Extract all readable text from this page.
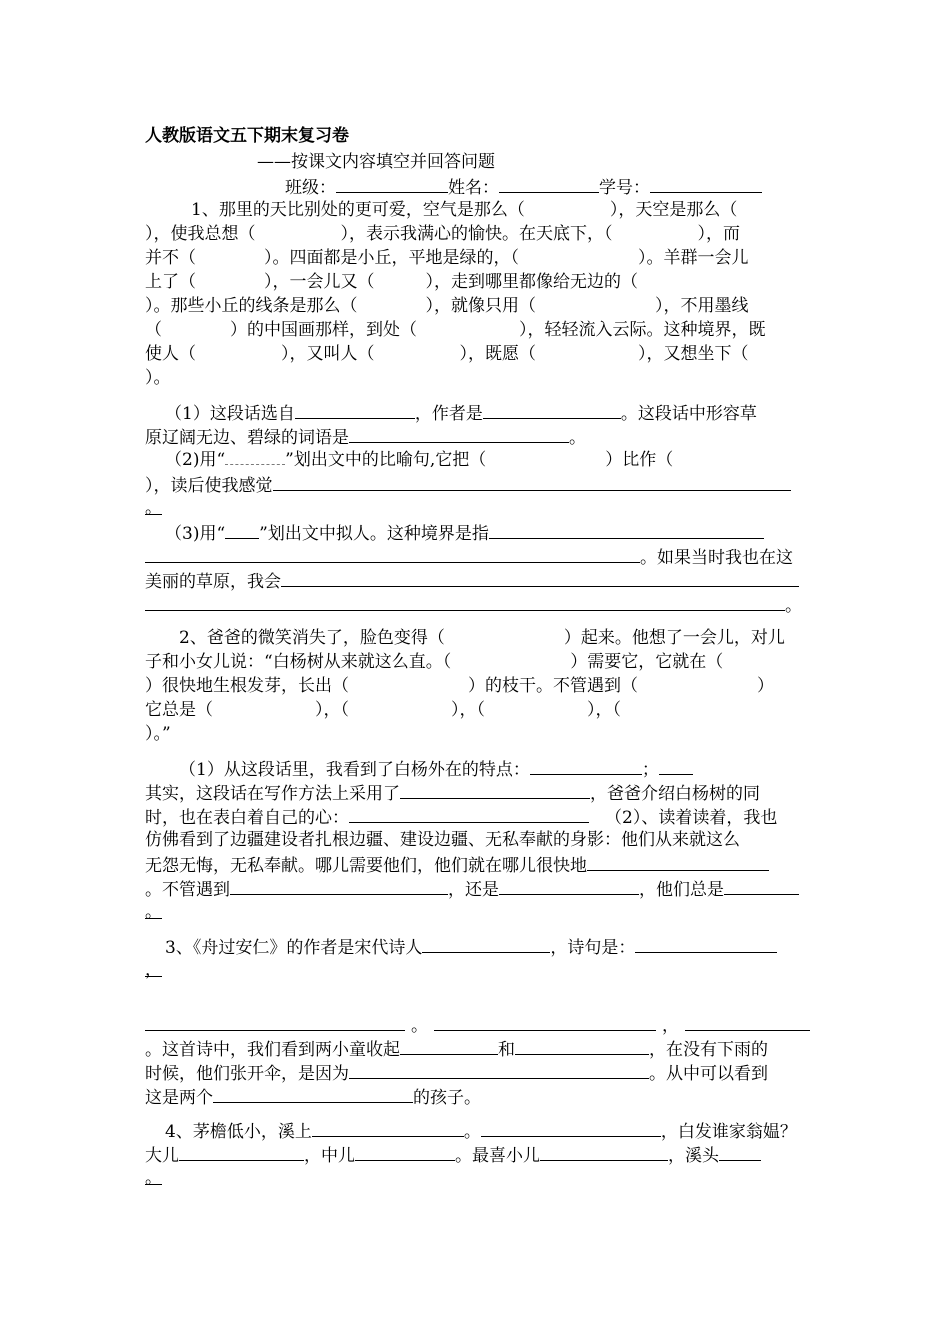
人教版语文五下期末复习卷
——按课文内容填空并回答问题
班级：	姓名：	学号：
1、那里的天比别处的更可爱，空气是那么（　　　　　），天空是那么（
），使我总想（　　　　　），表示我满心的愉快。在天底下，（　　　　　），而
并不（　　　　）。四面都是小丘，平地是绿的，（　　　　　　　）。羊群一会儿
上了（　　　　），一会儿又（　　　），走到哪里都像给无边的（
）。那些小丘的线条是那么（　　　　），就像只用（　　　　　　　），不用墨线
（　　　　）的中国画那样，到处（　　　　　　），轻轻流入云际。这种境界，既
使人（　　　　　），又叫人（　　　　　），既愿（　　　　　　），又想坐下（
）。
（1）这段话选自	，作者是	。这段话中形容草
原辽阔无边、碧绿的词语是	。
（2)用“	”划出文中的比喻句,它把（　　　　　　　）比作（
），读后使我感觉
。
（3)用“ ”划出文中拟人。这种境界是指
。如果当时我也在这
美丽的草原，我会
。
2、爸爸的微笑消失了，脸色变得（　　　　　　　）起来。他想了一会儿，对儿
子和小女儿说：“白杨树从来就这么直。（　　　　　　　）需要它，它就在（
）很快地生根发芽，长出（　　　　　　　）的枝干。不管遇到（　　　　　　　）
它总是（　　　　　　），（　　　　　　），（　　　　　　），（
）。”
（1）从这段话里，我看到了白杨外在的特点：	；
其实，这段话在写作方法上采用了	，爸爸介绍白杨树的同
时，也在表白着自己的心：	（2）、读着读着，我也
仿佛看到了边疆建设者扎根边疆、建设边疆、无私奉献的身影：他们从来就这么
无怨无悔，无私奉献。哪儿需要他们，他们就在哪儿很快地
。不管遇到	，还是	，他们总是
。
3、《舟过安仁》的作者是宋代诗人	，诗句是：
，
。	，
。这首诗中，我们看到两小童收起	和	，在没有下雨的
时候，他们张开伞，是因为	。从中可以看到
这是两个	的孩子。
4、茅檐低小，溪上	。	，白发谁家翁媪？
大儿	，中儿	。最喜小儿	，溪头
。
